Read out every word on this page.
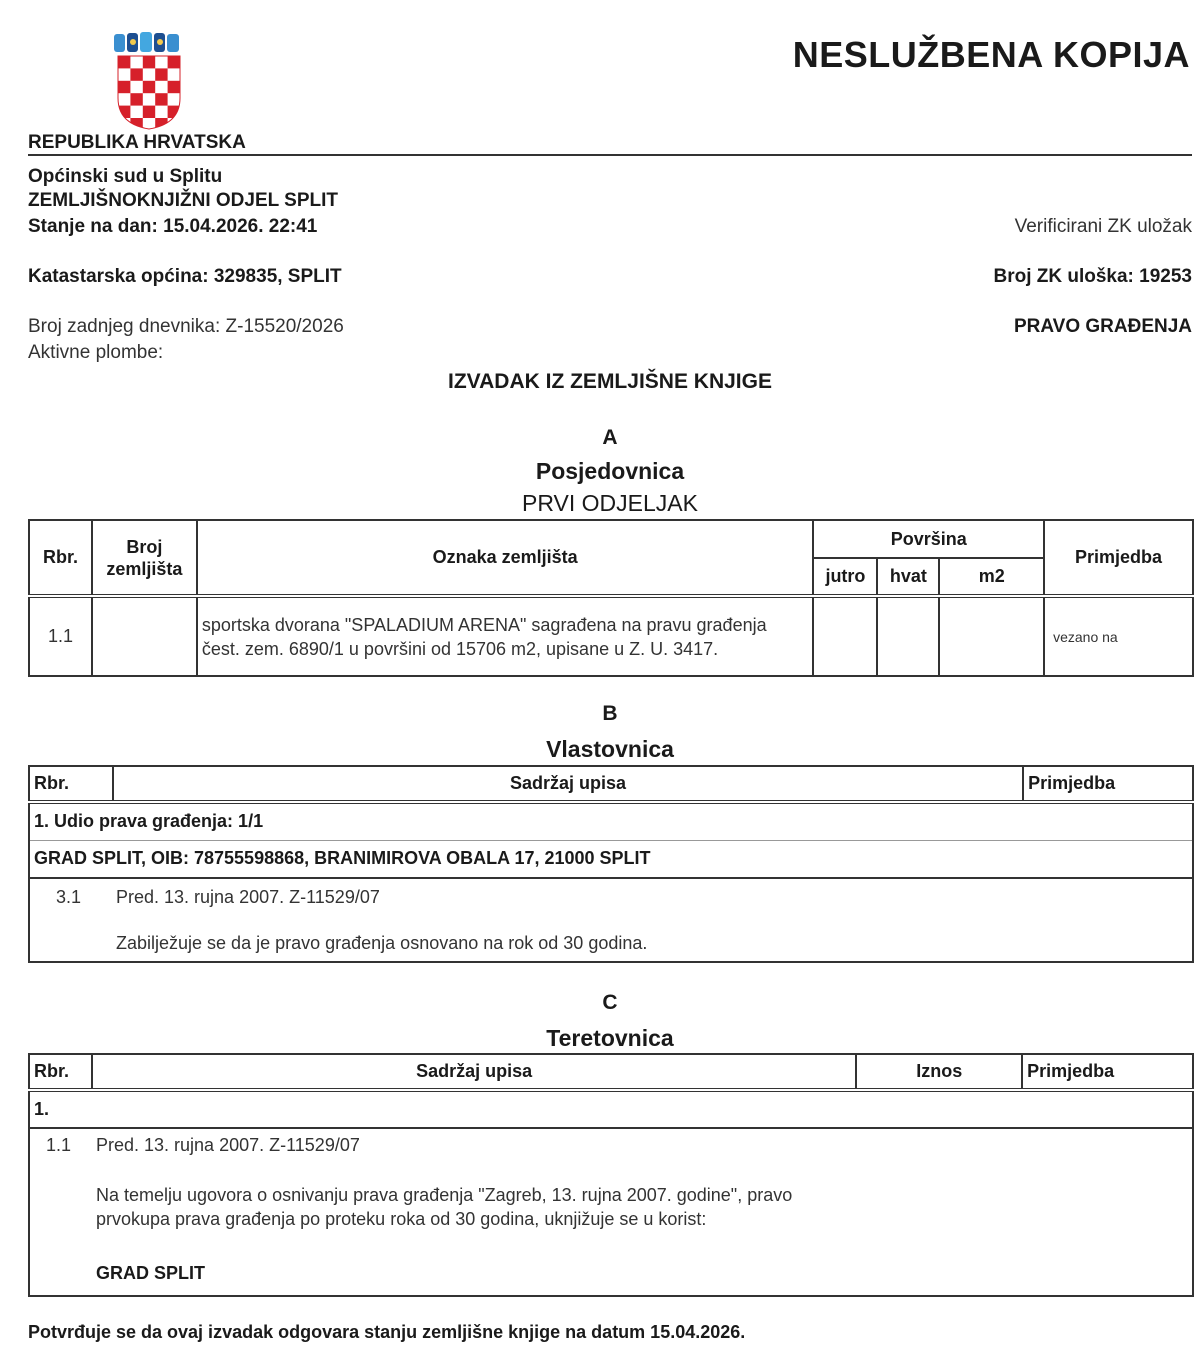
NESLUŽBENA KOPIJA
REPUBLIKA HRVATSKA
Općinski sud u Splitu
ZEMLJIŠNOKNJIŽNI ODJEL SPLIT
Stanje na dan: 15.04.2026. 22:41	Verificirani ZK uložak
Katastarska općina: 329835, SPLIT	Broj ZK uloška: 19253
Broj zadnjeg dnevnika: Z-15520/2026	PRAVO GRAĐENJA
Aktivne plombe:
IZVADAK IZ ZEMLJIŠNE KNJIGE
A
Posjedovnica
PRVI ODJELJAK
Rbr.	Broj zemljišta	Oznaka zemljišta	Površina			Primjedba
			jutro	hvat	m2	
1.1		sportska dvorana "SPALADIUM ARENA" sagrađena na pravu građenja čest. zem. 6890/1 u površini od 15706 m2, upisane u Z. U. 3417.				vezano na
B
Vlastovnica
Rbr.	Sadržaj upisa	Primjedba
1. Udio prava građenja: 1/1
GRAD SPLIT, OIB: 78755598868, BRANIMIROVA OBALA 17, 21000 SPLIT

3.1 Pred. 13. rujna 2007. Z-11529/07
Zabilježuje se da je pravo građenja osnovano na rok od 30 godina.
C
Teretovnica
Rbr.	Sadržaj upisa	Iznos	Primjedba
1.

1.1 Pred. 13. rujna 2007. Z-11529/07
Na temelju ugovora o osnivanju prava građenja "Zagreb, 13. rujna 2007. godine", pravo prvokupa prava građenja po proteku roka od 30 godina, uknjižuje se u korist:
GRAD SPLIT
Potvrđuje se da ovaj izvadak odgovara stanju zemljišne knjige na datum 15.04.2026.
